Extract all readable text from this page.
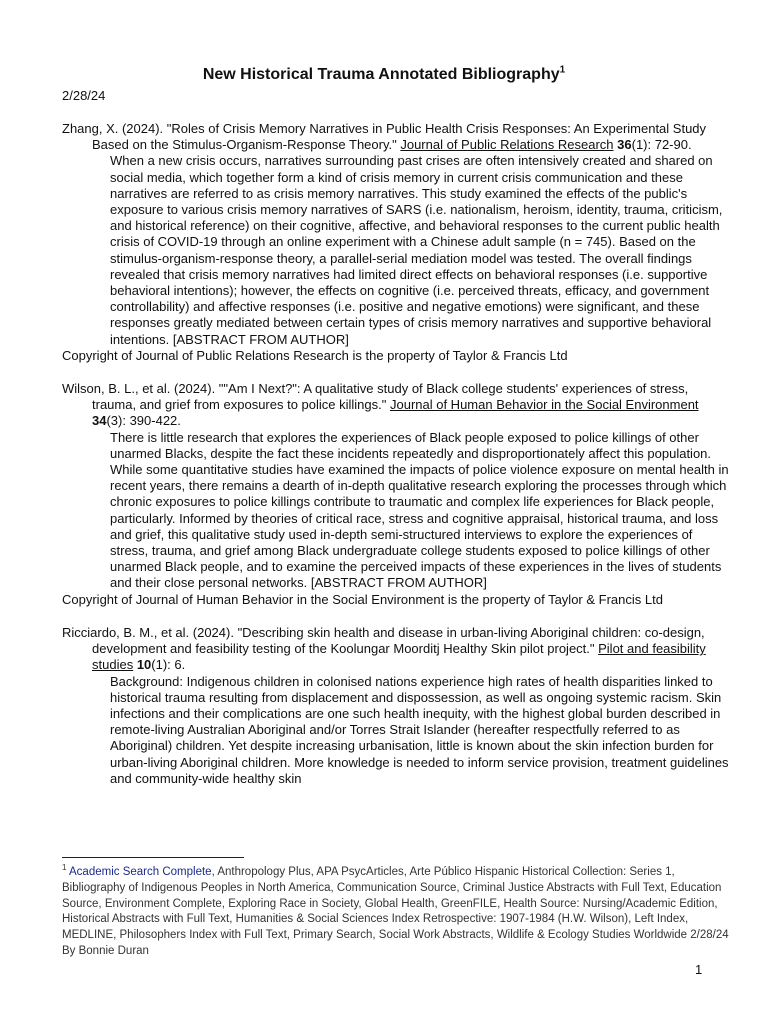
New Historical Trauma Annotated Bibliography$^1$
2/28/24
Zhang, X. (2024). "Roles of Crisis Memory Narratives in Public Health Crisis Responses: An Experimental Study Based on the Stimulus-Organism-Response Theory." Journal of Public Relations Research 36(1): 72-90.
When a new crisis occurs, narratives surrounding past crises are often intensively created and shared on social media, which together form a kind of crisis memory in current crisis communication and these narratives are referred to as crisis memory narratives. This study examined the effects of the public's exposure to various crisis memory narratives of SARS (i.e. nationalism, heroism, identity, trauma, criticism, and historical reference) on their cognitive, affective, and behavioral responses to the current public health crisis of COVID-19 through an online experiment with a Chinese adult sample (n = 745). Based on the stimulus-organism-response theory, a parallel-serial mediation model was tested. The overall findings revealed that crisis memory narratives had limited direct effects on behavioral responses (i.e. supportive behavioral intentions); however, the effects on cognitive (i.e. perceived threats, efficacy, and government controllability) and affective responses (i.e. positive and negative emotions) were significant, and these responses greatly mediated between certain types of crisis memory narratives and supportive behavioral intentions. [ABSTRACT FROM AUTHOR]
Copyright of Journal of Public Relations Research is the property of Taylor & Francis Ltd
Wilson, B. L., et al. (2024). ""Am I Next?": A qualitative study of Black college students' experiences of stress, trauma, and grief from exposures to police killings." Journal of Human Behavior in the Social Environment 34(3): 390-422.
There is little research that explores the experiences of Black people exposed to police killings of other unarmed Blacks, despite the fact these incidents repeatedly and disproportionately affect this population. While some quantitative studies have examined the impacts of police violence exposure on mental health in recent years, there remains a dearth of in-depth qualitative research exploring the processes through which chronic exposures to police killings contribute to traumatic and complex life experiences for Black people, particularly. Informed by theories of critical race, stress and cognitive appraisal, historical trauma, and loss and grief, this qualitative study used in-depth semi-structured interviews to explore the experiences of stress, trauma, and grief among Black undergraduate college students exposed to police killings of other unarmed Black people, and to examine the perceived impacts of these experiences in the lives of students and their close personal networks. [ABSTRACT FROM AUTHOR]
Copyright of Journal of Human Behavior in the Social Environment is the property of Taylor & Francis Ltd
Ricciardo, B. M., et al. (2024). "Describing skin health and disease in urban-living Aboriginal children: co-design, development and feasibility testing of the Koolungar Moorditj Healthy Skin pilot project." Pilot and feasibility studies 10(1): 6.
Background: Indigenous children in colonised nations experience high rates of health disparities linked to historical trauma resulting from displacement and dispossession, as well as ongoing systemic racism. Skin infections and their complications are one such health inequity, with the highest global burden described in remote-living Australian Aboriginal and/or Torres Strait Islander (hereafter respectfully referred to as Aboriginal) children. Yet despite increasing urbanisation, little is known about the skin infection burden for urban-living Aboriginal children. More knowledge is needed to inform service provision, treatment guidelines and community-wide healthy skin
$^1$ Academic Search Complete, Anthropology Plus, APA PsycArticles, Arte Público Hispanic Historical Collection: Series 1, Bibliography of Indigenous Peoples in North America, Communication Source, Criminal Justice Abstracts with Full Text, Education Source, Environment Complete, Exploring Race in Society, Global Health, GreenFILE, Health Source: Nursing/Academic Edition, Historical Abstracts with Full Text, Humanities & Social Sciences Index Retrospective: 1907-1984 (H.W. Wilson), Left Index, MEDLINE, Philosophers Index with Full Text, Primary Search, Social Work Abstracts, Wildlife & Ecology Studies Worldwide 2/28/24 By Bonnie Duran
1
